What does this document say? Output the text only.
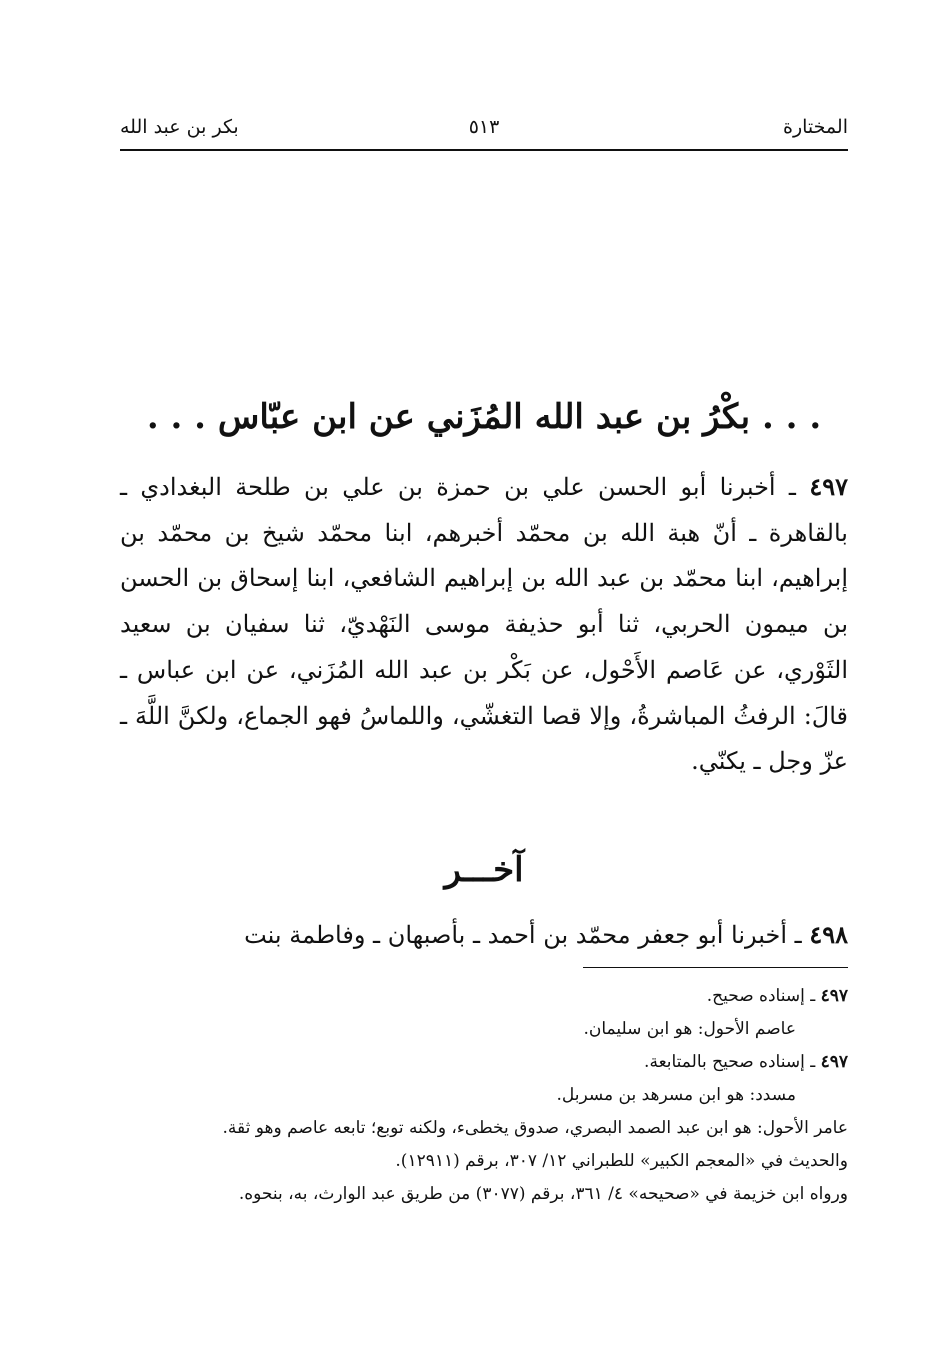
المختارة
٥١٣
بكر بن عبد الله
. . . بكْرُ بن عبد الله المُزَني عن ابن عبّاس . . .
٤٩٧ ـ أخبرنا أبو الحسن علي بن حمزة بن علي بن طلحة البغدادي ـ بالقاهرة ـ أنّ هبة الله بن محمّد أخبرهم، ابنا محمّد شيخ بن محمّد بن إبراهيم، ابنا محمّد بن عبد الله بن إبراهيم الشافعي، ابنا إسحاق بن الحسن بن ميمون الحربي، ثنا أبو حذيفة موسى النَهْديّ، ثنا سفيان بن سعيد الثَوْري، عن عَاصم الأَحْول، عن بَكْر بن عبد الله المُزَني، عن ابن عباس ـ قالَ: الرفثُ المباشرةُ، وإلا قصا التغشّي، واللماسُ فهو الجماع، ولكنَّ اللَّهَ ـ عزّ وجل ـ يكنّي.
آخـــر
٤٩٨ ـ أخبرنا أبو جعفر محمّد بن أحمد ـ بأصبهان ـ وفاطمة بنت

٤٩٧ ـ إسناده صحيح.

عاصم الأحول: هو ابن سليمان.

٤٩٧ ـ إسناده صحيح بالمتابعة.

مسدد: هو ابن مسرهد بن مسربل.

عامر الأحول: هو ابن عبد الصمد البصري، صدوق يخطىء، ولكنه توبع؛ تابعه عاصم وهو ثقة.

والحديث في «المعجم الكبير» للطبراني ١٢/ ٣٠٧، برقم (١٢٩١١).

ورواه ابن خزيمة في «صحيحه» ٤/ ٣٦١، برقم (٣٠٧٧) من طريق عبد الوارث، به، بنحوه.
